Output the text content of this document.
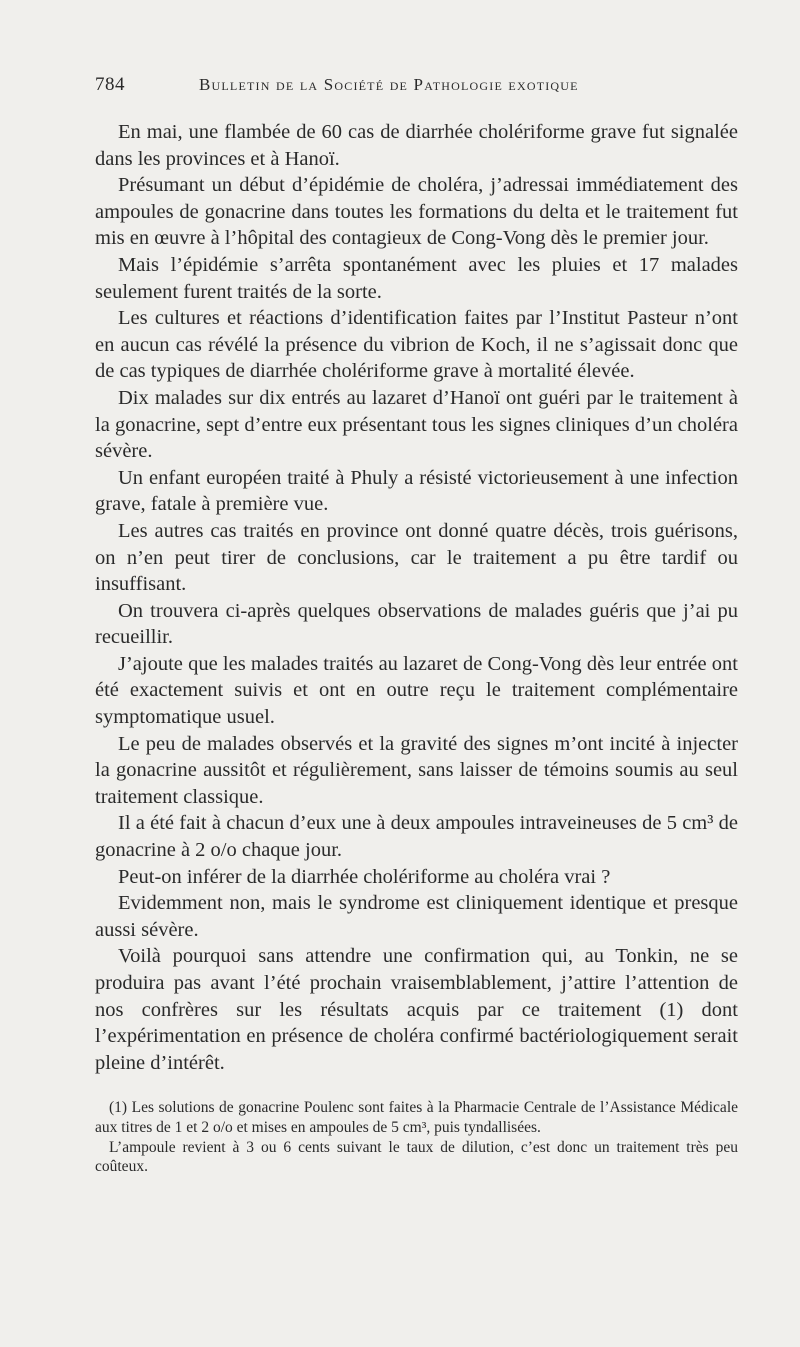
784	Bulletin de la Société de Pathologie exotique

En mai, une flambée de 60 cas de diarrhée cholériforme grave fut signalée dans les provinces et à Hanoï.

Présumant un début d’épidémie de choléra, j’adressai immédiatement des ampoules de gonacrine dans toutes les formations du delta et le traitement fut mis en œuvre à l’hôpital des contagieux de Cong-Vong dès le premier jour.

Mais l’épidémie s’arrêta spontanément avec les pluies et 17 malades seulement furent traités de la sorte.

Les cultures et réactions d’identification faites par l’Institut Pasteur n’ont en aucun cas révélé la présence du vibrion de Koch, il ne s’agissait donc que de cas typiques de diarrhée cholériforme grave à mortalité élevée.

Dix malades sur dix entrés au lazaret d’Hanoï ont guéri par le traitement à la gonacrine, sept d’entre eux présentant tous les signes cliniques d’un choléra sévère.

Un enfant européen traité à Phuly a résisté victorieusement à une infection grave, fatale à première vue.

Les autres cas traités en province ont donné quatre décès, trois guérisons, on n’en peut tirer de conclusions, car le traitement a pu être tardif ou insuffisant.

On trouvera ci-après quelques observations de malades guéris que j’ai pu recueillir.

J’ajoute que les malades traités au lazaret de Cong-Vong dès leur entrée ont été exactement suivis et ont en outre reçu le traitement complémentaire symptomatique usuel.

Le peu de malades observés et la gravité des signes m’ont incité à injecter la gonacrine aussitôt et régulièrement, sans laisser de témoins soumis au seul traitement classique.

Il a été fait à chacun d’eux une à deux ampoules intraveineuses de 5 cm³ de gonacrine à 2 o/o chaque jour.

Peut-on inférer de la diarrhée cholériforme au choléra vrai ?

Evidemment non, mais le syndrome est cliniquement identique et presque aussi sévère.

Voilà pourquoi sans attendre une confirmation qui, au Tonkin, ne se produira pas avant l’été prochain vraisemblablement, j’attire l’attention de nos confrères sur les résultats acquis par ce traitement (1) dont l’expérimentation en présence de choléra confirmé bactériologiquement serait pleine d’intérêt.

(1) Les solutions de gonacrine Poulenc sont faites à la Pharmacie Centrale de l’Assistance Médicale aux titres de 1 et 2 o/o et mises en ampoules de 5 cm³, puis tyndallisées.

L’ampoule revient à 3 ou 6 cents suivant le taux de dilution, c’est donc un traitement très peu coûteux.
